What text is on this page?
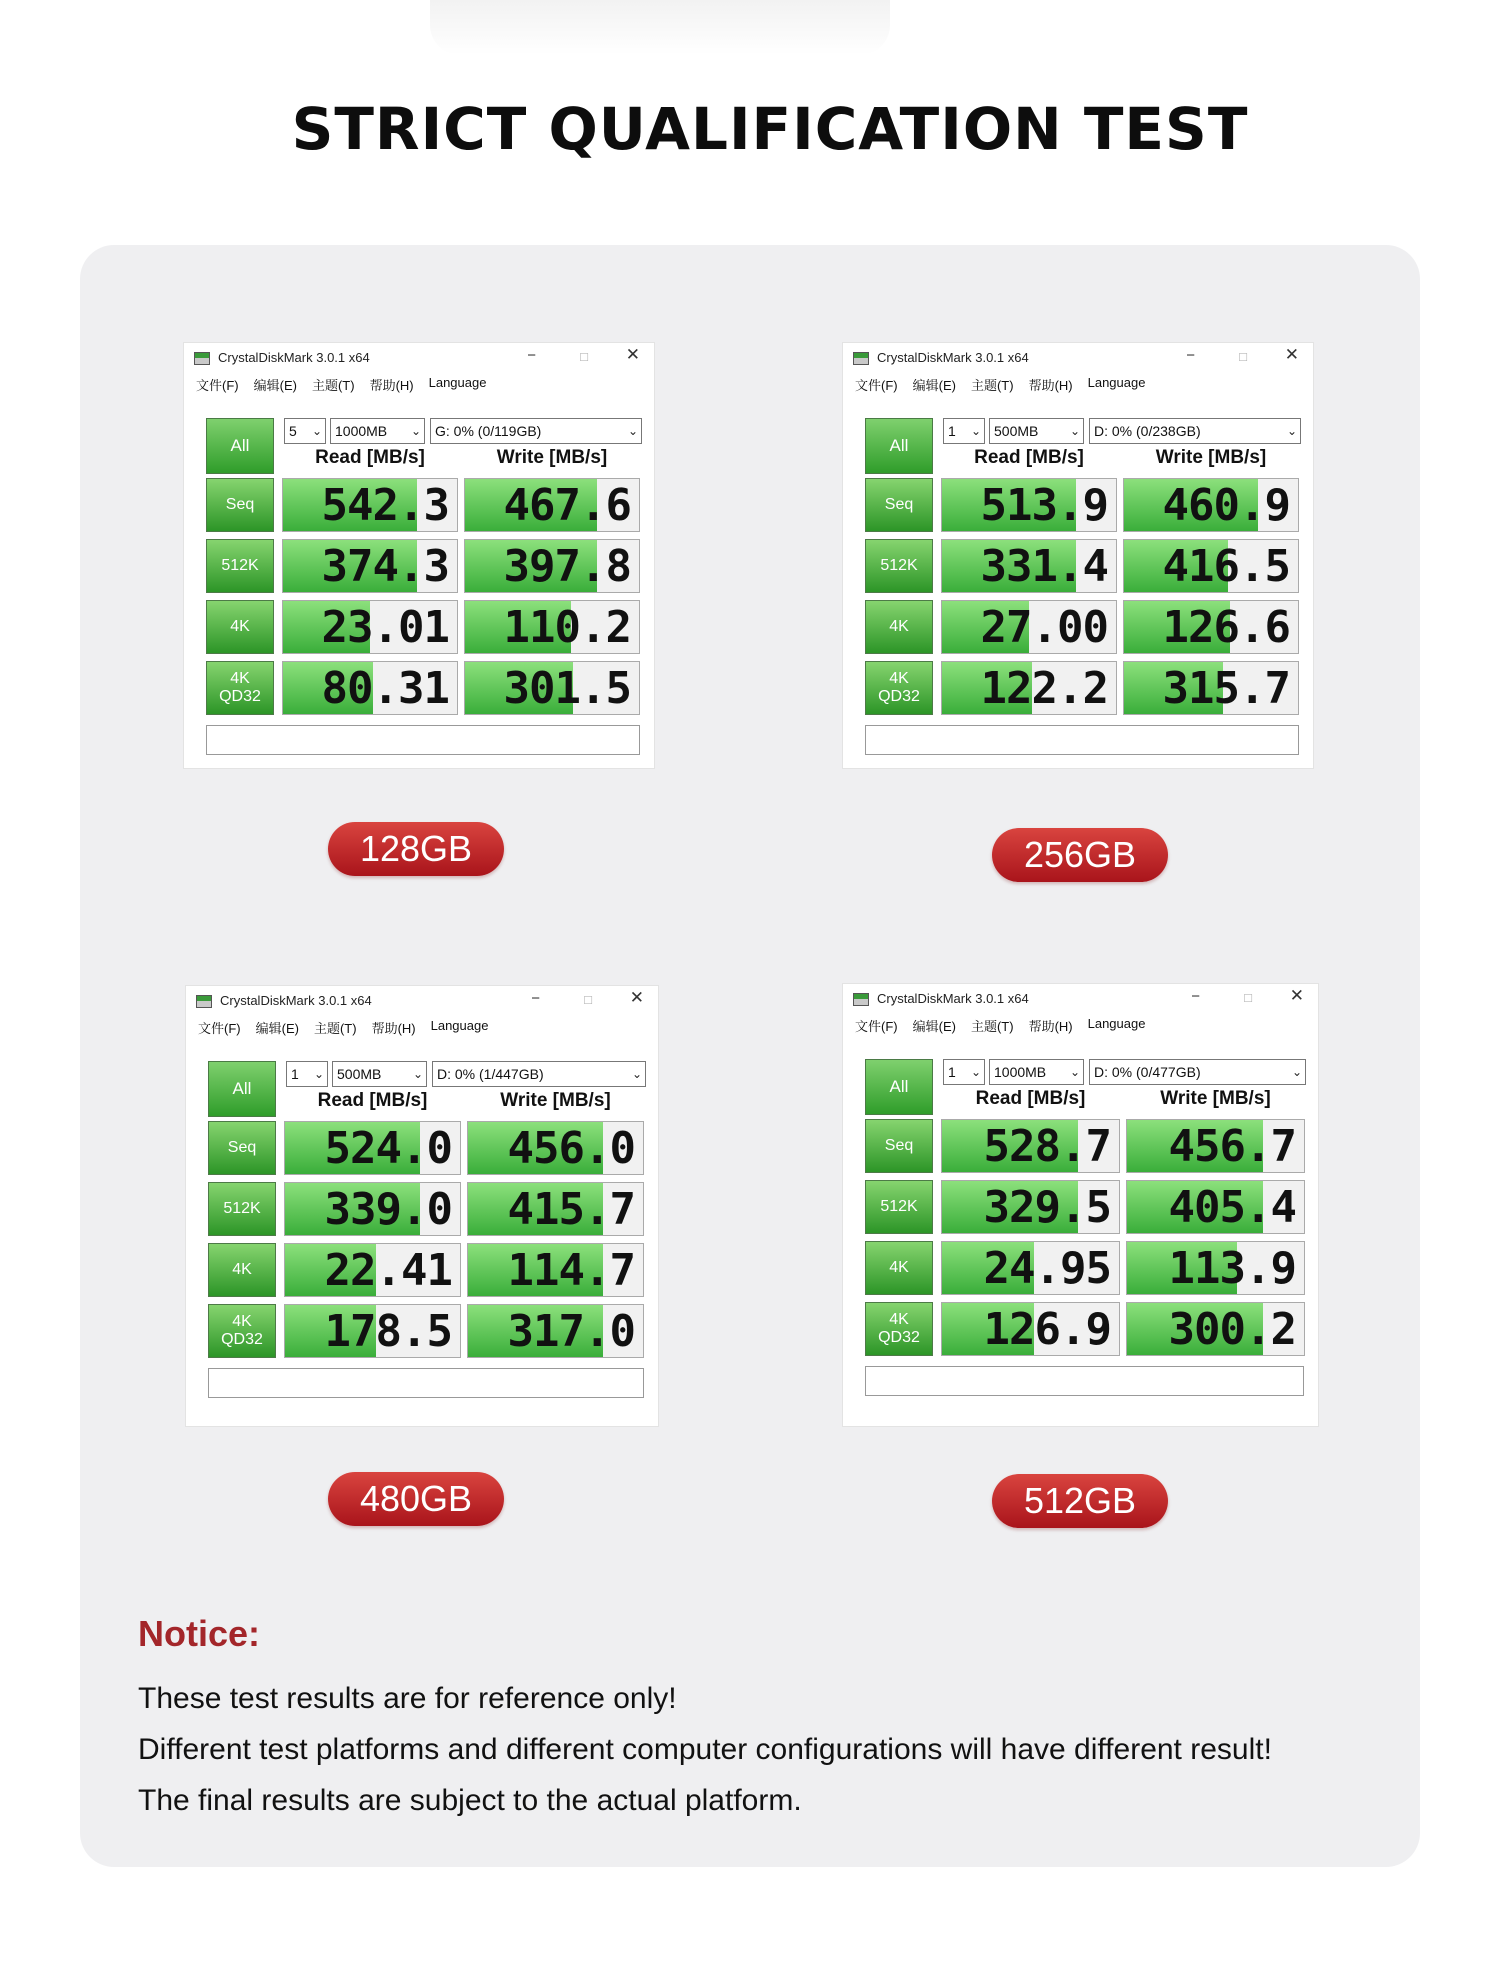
STRICT QUALIFICATION TEST
CrystalDiskMark 3.0.1 x64	−	□ ✕
文件(F) 编辑(E) 主题(T) 帮助(H) Language
All
5 ⌄ 1000MB ⌄	G: 0% (0/119GB)	⌄
Read [MB/s]	Write [MB/s]
Seq	542.3	467.6
512K	374.3	397.8
4K	23.01	110.2
4K
QD32	80.31	301.5
CrystalDiskMark 3.0.1 x64	−	□ ✕
文件(F) 编辑(E) 主题(T) 帮助(H) Language
All
1 ⌄ 500MB	⌄	D: 0% (0/238GB)	⌄
Read [MB/s]	Write [MB/s]
Seq	513.9	460.9
512K	331.4	416.5
4K	27.00	126.6
4K
QD32	122.2	315.7
CrystalDiskMark 3.0.1 x64	−	□ ✕
文件(F) 编辑(E) 主题(T) 帮助(H) Language
All
1 ⌄ 500MB	⌄	D: 0% (1/447GB)	⌄
Read [MB/s]	Write [MB/s]
Seq	524.0	456.0
512K	339.0	415.7
4K	22.41	114.7
4K
QD32	178.5	317.0
CrystalDiskMark 3.0.1 x64	−	□ ✕
文件(F) 编辑(E) 主题(T) 帮助(H) Language
All
1 ⌄ 1000MB ⌄	D: 0% (0/477GB)	⌄
Read [MB/s]	Write [MB/s]
Seq	528.7	456.7
512K	329.5	405.4
4K	24.95	113.9
4K
QD32	126.9	300.2
128GB	256GB
480GB	512GB
Notice:

These test results are for reference only!

Different test platforms and different computer configurations will have different result!

The final results are subject to the actual platform.
